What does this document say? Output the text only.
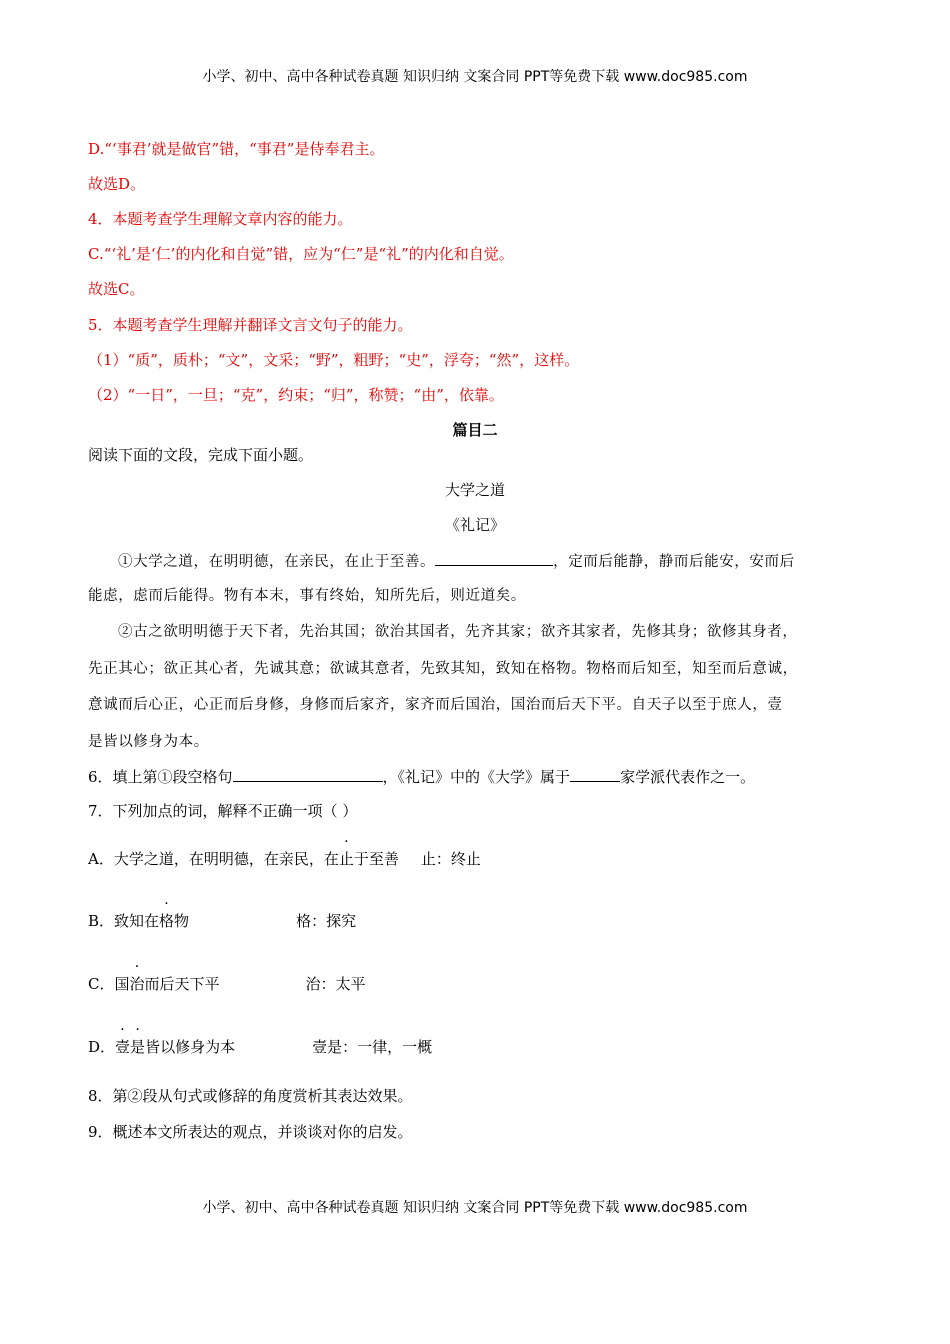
小学、初中、高中各种试卷真题 知识归纳 文案合同 PPT等免费下载 www.doc985.com
D.“‘事君’就是做官”错，“事君”是侍奉君主。
故选D。
4．本题考查学生理解文章内容的能力。
C.“‘礼’是‘仁’的内化和自觉”错，应为“仁”是“礼”的内化和自觉。
故选C。
5．本题考查学生理解并翻译文言文句子的能力。
（1）“质”，质朴；“文”，文采；“野”，粗野；“史”，浮夸；“然”，这样。
（2）“一日”，一旦；“克”，约束；“归”，称赞；“由”，依靠。
篇目二
阅读下面的文段，完成下面小题。
大学之道
《礼记》
①大学之道，在明明德，在亲民，在止于至善。	，定而后能静，静而后能安，安而后
能虑，虑而后能得。物有本末，事有终始，知所先后，则近道矣。
②古之欲明明德于天下者，先治其国；欲治其国者，先齐其家；欲齐其家者，先修其身；欲修其身者，
先正其心；欲正其心者，先诚其意；欲诚其意者，先致其知，致知在格物。物格而后知至，知至而后意诚，
意诚而后心正，心正而后身修，身修而后家齐，家齐而后国治，国治而后天下平。自天子以至于庶人，壹
是皆以修身为本。
6．填上第①段空格句	，《礼记》中的《大学》属于	家学派代表作之一。
7．下列加点的词，解释不正确一项（ ）
A．大学之道，在明明德，在亲民，在止于至善 止：终止
B．致知在格物	格：探究
C．国治而后天下平	治：太平
D．壹是皆以修身为本	壹是：一律，一概
8．第②段从句式或修辞的角度赏析其表达效果。
9．概述本文所表达的观点，并谈谈对你的启发。
小学、初中、高中各种试卷真题 知识归纳 文案合同 PPT等免费下载 www.doc985.com
